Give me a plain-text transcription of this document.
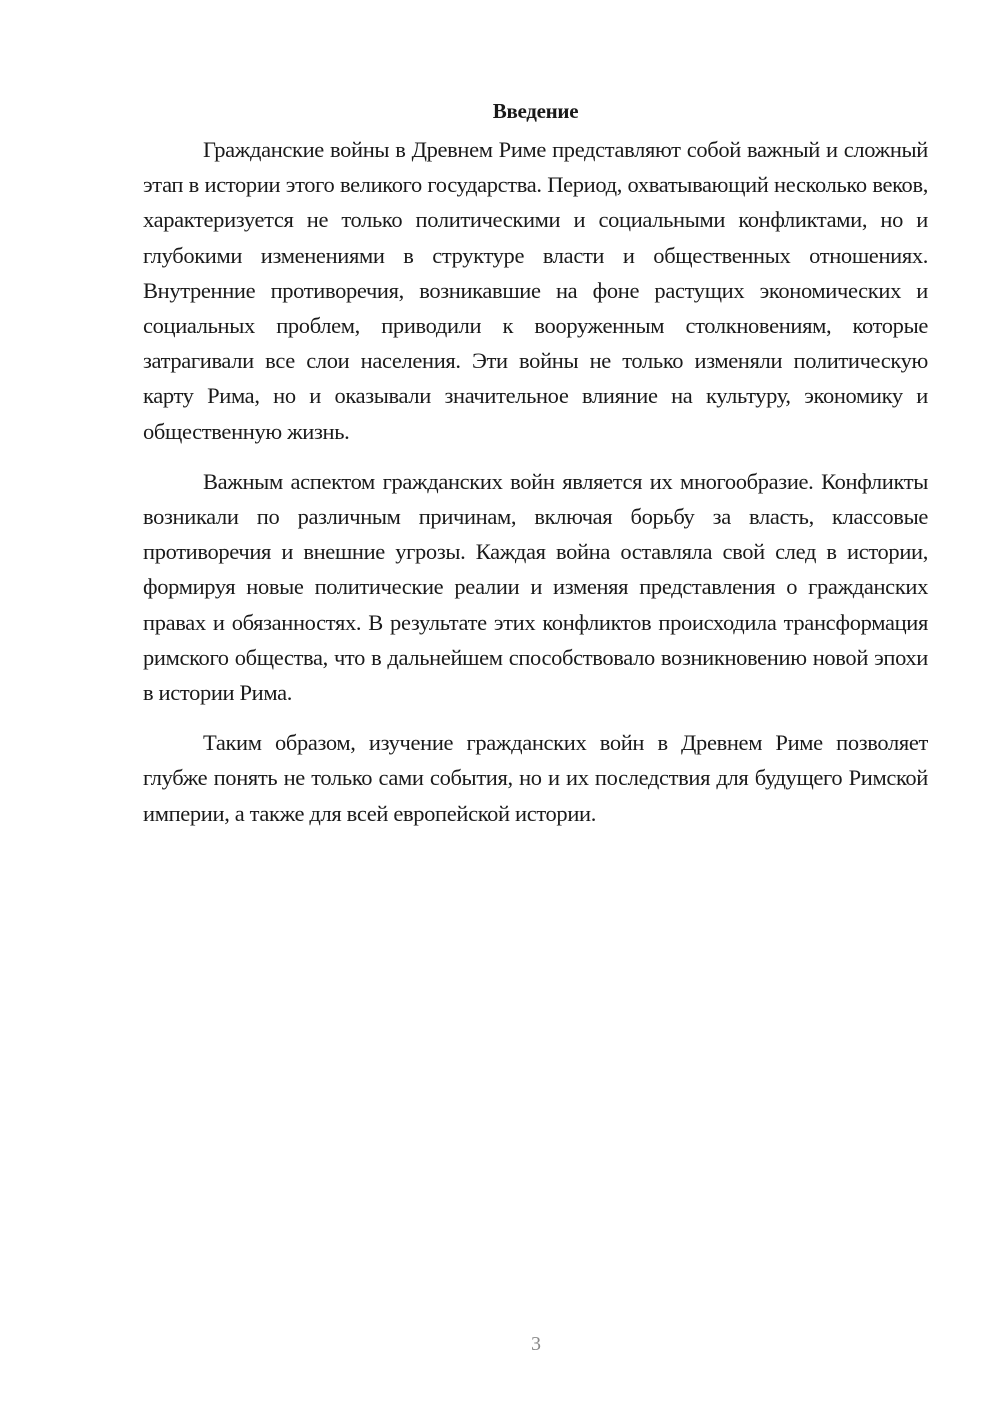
Введение

Гражданские войны в Древнем Риме представляют собой важный и сложный этап в истории этого великого государства. Период, охватывающий несколько веков, характеризуется не только политическими и социальными конфликтами, но и глубокими изменениями в структуре власти и общественных отношениях. Внутренние противоречия, возникавшие на фоне растущих экономических и социальных проблем, приводили к вооруженным столкновениям, которые затрагивали все слои населения. Эти войны не только изменяли политическую карту Рима, но и оказывали значительное влияние на культуру, экономику и общественную жизнь.

Важным аспектом гражданских войн является их многообразие. Конфликты возникали по различным причинам, включая борьбу за власть, классовые противоречия и внешние угрозы. Каждая война оставляла свой след в истории, формируя новые политические реалии и изменяя представления о гражданских правах и обязанностях. В результате этих конфликтов происходила трансформация римского общества, что в дальнейшем способствовало возникновению новой эпохи в истории Рима.

Таким образом, изучение гражданских войн в Древнем Риме позволяет глубже понять не только сами события, но и их последствия для будущего Римской империи, а также для всей европейской истории.

3
